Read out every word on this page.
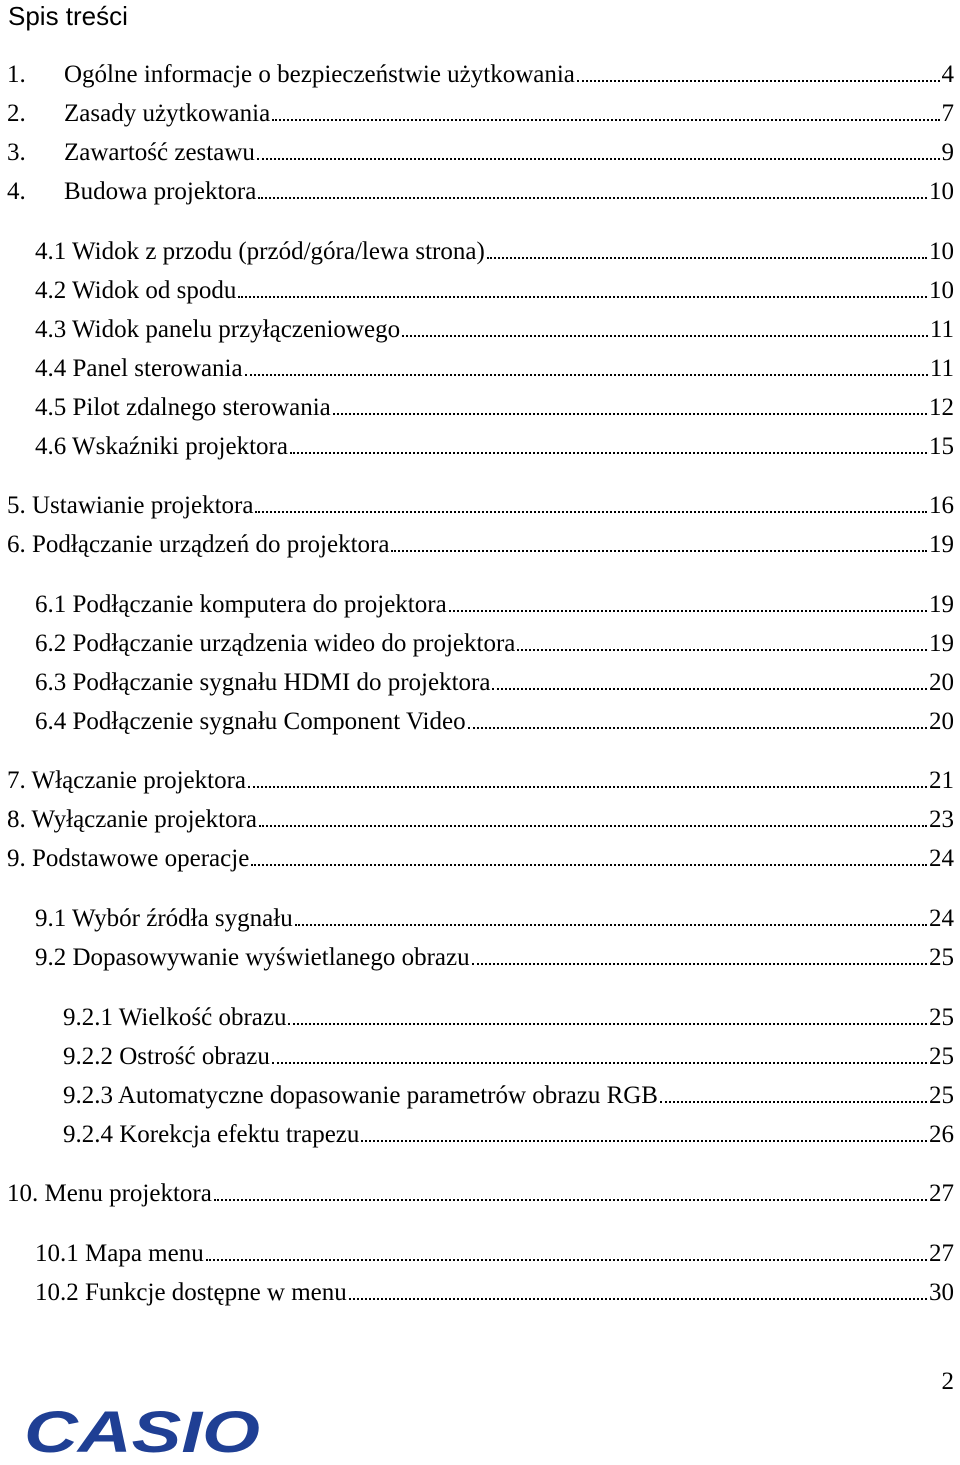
Spis treści
1.	Ogólne informacje o bezpieczeństwie użytkowania	4
2.	Zasady użytkowania	7
3.	Zawartość zestawu	9
4.	Budowa projektora	10
4.1 Widok z przodu (przód/góra/lewa strona)	10
4.2 Widok od spodu	10
4.3 Widok panelu przyłączeniowego	11
4.4 Panel sterowania	11
4.5 Pilot zdalnego sterowania	12
4.6 Wskaźniki projektora	15
5. Ustawianie projektora	16
6. Podłączanie urządzeń do projektora	19
6.1 Podłączanie komputera do projektora	19
6.2 Podłączanie urządzenia wideo do projektora	19
6.3 Podłączanie sygnału HDMI do projektora	20
6.4 Podłączenie sygnału Component Video	20
7. Włączanie projektora	21
8. Wyłączanie projektora	23
9. Podstawowe operacje	24
9.1 Wybór źródła sygnału	24
9.2 Dopasowywanie wyświetlanego obrazu	25
9.2.1 Wielkość obrazu	25
9.2.2 Ostrość obrazu	25
9.2.3 Automatyczne dopasowanie parametrów obrazu RGB	25
9.2.4 Korekcja efektu trapezu	26
10. Menu projektora	27
10.1 Mapa menu	27
10.2 Funkcje dostępne w menu	30
2
CASIO
